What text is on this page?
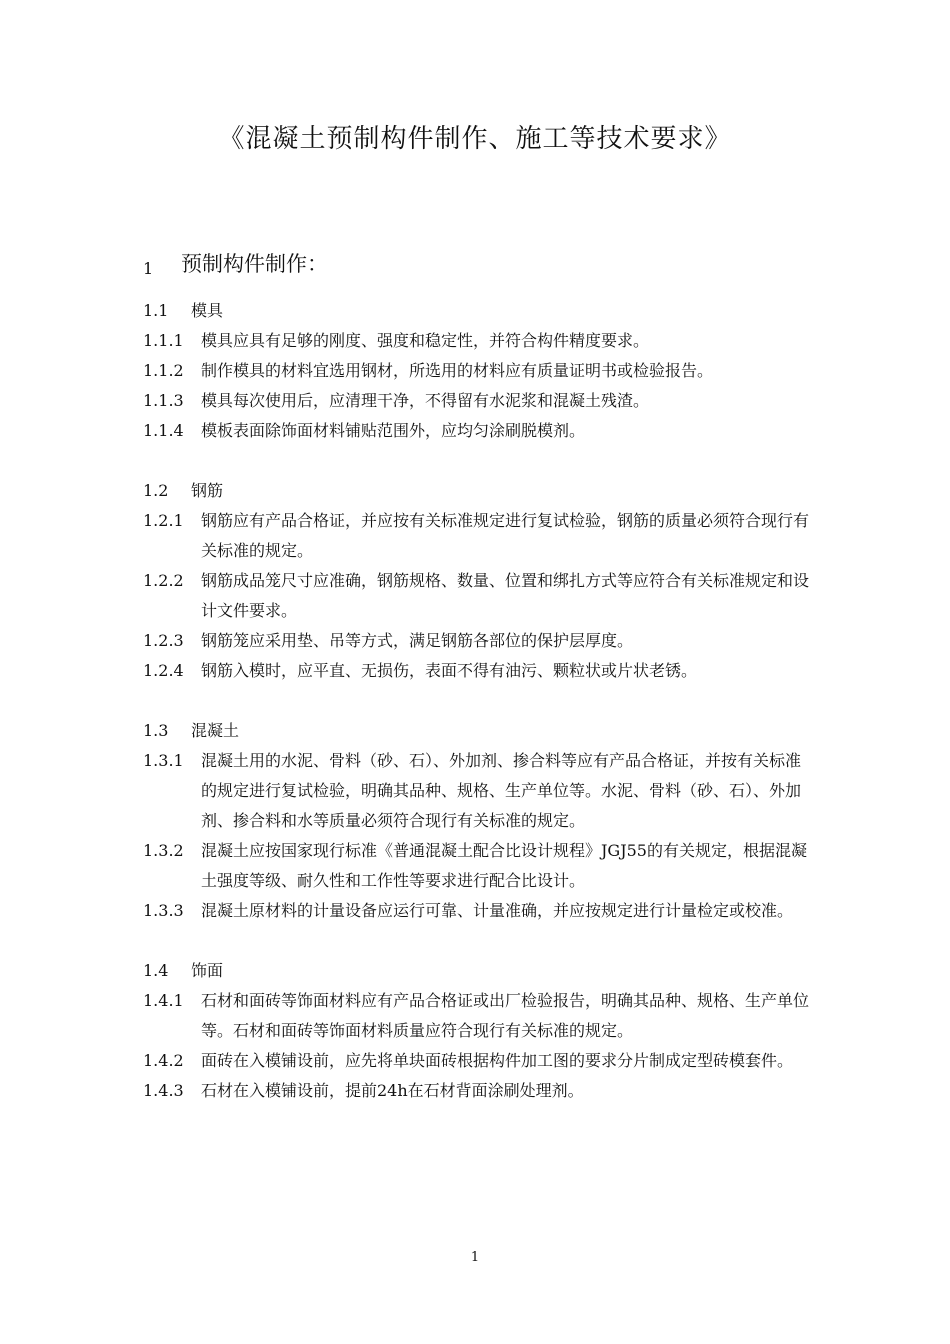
《混凝土预制构件制作、施工等技术要求》
1 预制构件制作：
1.1 模具
1.1.1	模具应具有足够的刚度、强度和稳定性，并符合构件精度要求。
1.1.2	制作模具的材料宜选用钢材，所选用的材料应有质量证明书或检验报告。
1.1.3	模具每次使用后，应清理干净，不得留有水泥浆和混凝土残渣。
1.1.4	模板表面除饰面材料铺贴范围外，应均匀涂刷脱模剂。
1.2 钢筋
1.2.1	钢筋应有产品合格证，并应按有关标准规定进行复试检验，钢筋的质量必须符合现行有关标准的规定。
1.2.2	钢筋成品笼尺寸应准确，钢筋规格、数量、位置和绑扎方式等应符合有关标准规定和设计文件要求。
1.2.3	钢筋笼应采用垫、吊等方式，满足钢筋各部位的保护层厚度。
1.2.4	钢筋入模时，应平直、无损伤，表面不得有油污、颗粒状或片状老锈。
1.3 混凝土
1.3.1	混凝土用的水泥、骨料（砂、石）、外加剂、掺合料等应有产品合格证，并按有关标准的规定进行复试检验，明确其品种、规格、生产单位等。水泥、骨料（砂、石）、外加剂、掺合料和水等质量必须符合现行有关标准的规定。
1.3.2	混凝土应按国家现行标准《普通混凝土配合比设计规程》JGJ55的有关规定，根据混凝土强度等级、耐久性和工作性等要求进行配合比设计。
1.3.3	混凝土原材料的计量设备应运行可靠、计量准确，并应按规定进行计量检定或校准。
1.4 饰面
1.4.1	石材和面砖等饰面材料应有产品合格证或出厂检验报告，明确其品种、规格、生产单位等。石材和面砖等饰面材料质量应符合现行有关标准的规定。
1.4.2	面砖在入模铺设前，应先将单块面砖根据构件加工图的要求分片制成定型砖模套件。
1.4.3	石材在入模铺设前，提前24h在石材背面涂刷处理剂。
1
